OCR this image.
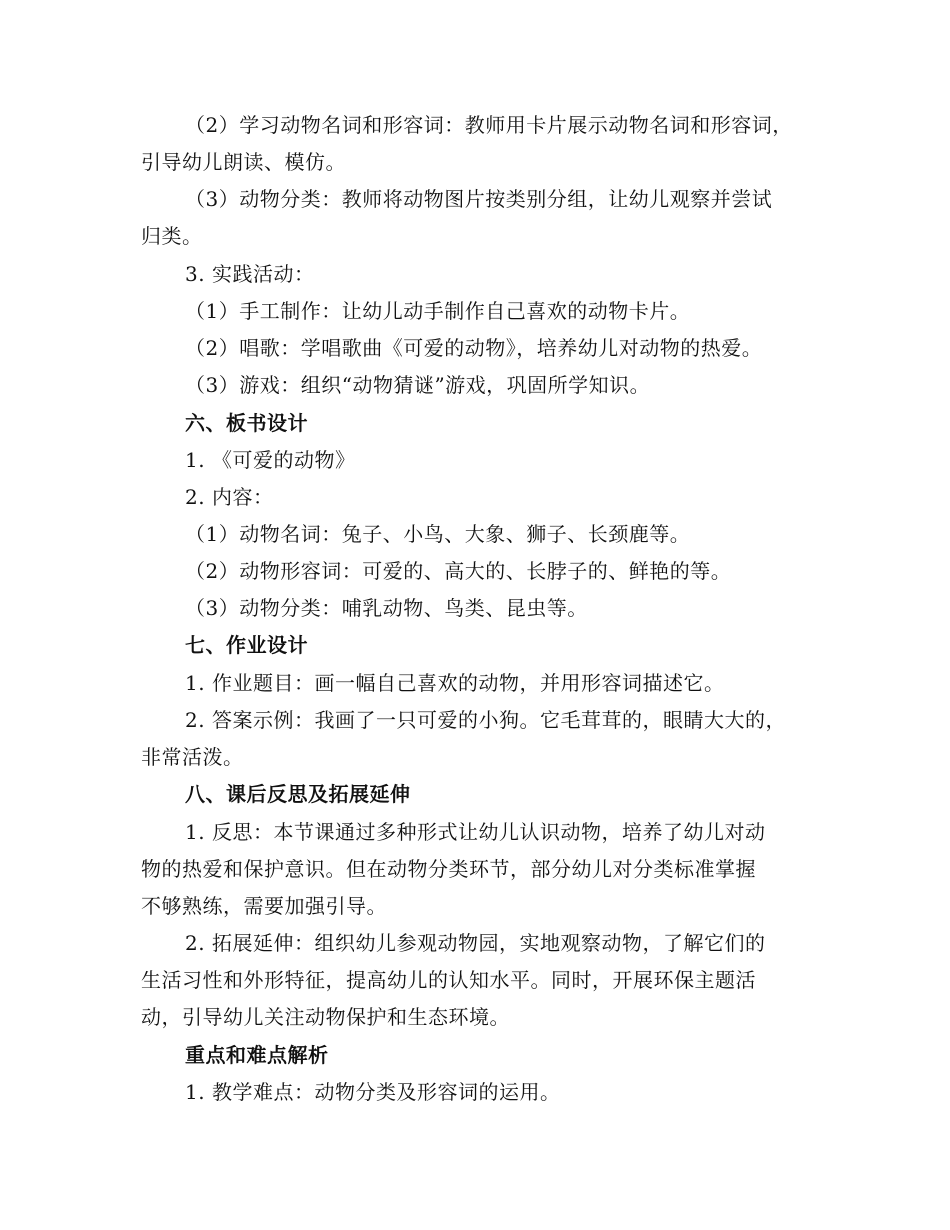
（2）学习动物名词和形容词：教师用卡片展示动物名词和形容词，
引导幼儿朗读、模仿。
（3）动物分类：教师将动物图片按类别分组，让幼儿观察并尝试
归类。
3. 实践活动：
（1）手工制作：让幼儿动手制作自己喜欢的动物卡片。
（2）唱歌：学唱歌曲《可爱的动物》，培养幼儿对动物的热爱。
（3）游戏：组织“动物猜谜”游戏，巩固所学知识。
六、板书设计
1. 《可爱的动物》
2. 内容：
（1）动物名词：兔子、小鸟、大象、狮子、长颈鹿等。
（2）动物形容词：可爱的、高大的、长脖子的、鲜艳的等。
（3）动物分类：哺乳动物、鸟类、昆虫等。
七、作业设计
1. 作业题目：画一幅自己喜欢的动物，并用形容词描述它。
2. 答案示例：我画了一只可爱的小狗。它毛茸茸的，眼睛大大的，
非常活泼。
八、课后反思及拓展延伸
1. 反思：本节课通过多种形式让幼儿认识动物，培养了幼儿对动
物的热爱和保护意识。但在动物分类环节，部分幼儿对分类标准掌握
不够熟练，需要加强引导。
2. 拓展延伸：组织幼儿参观动物园，实地观察动物，了解它们的
生活习性和外形特征，提高幼儿的认知水平。同时，开展环保主题活
动，引导幼儿关注动物保护和生态环境。
重点和难点解析
1. 教学难点：动物分类及形容词的运用。
